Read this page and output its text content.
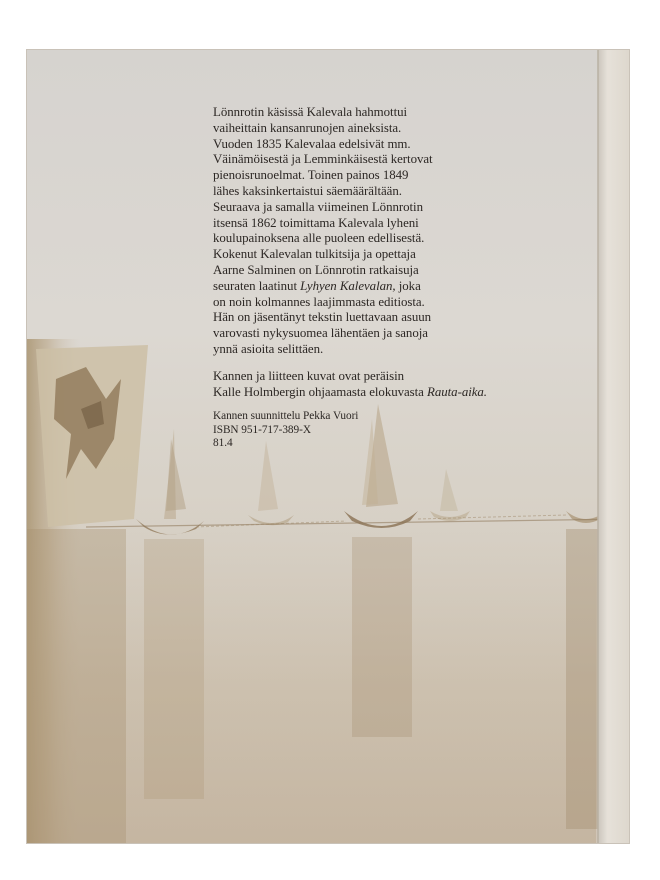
Lönnrotin käsissä Kalevala hahmottui
vaiheittain kansanrunojen aineksista.
Vuoden 1835 Kalevalaa edelsivät mm.
Väinämöisestä ja Lemminkäisestä kertovat
pienoisrunoelmat. Toinen painos 1849
lähes kaksinkertaistui säemäärältään.
Seuraava ja samalla viimeinen Lönnrotin
itsensä 1862 toimittama Kalevala lyheni
koulupainoksena alle puoleen edellisestä.
Kokenut Kalevalan tulkitsija ja opettaja
Aarne Salminen on Lönnrotin ratkaisuja
seuraten laatinut Lyhyen Kalevalan, joka
on noin kolmannes laajimmasta editiosta.
Hän on jäsentänyt tekstin luettavaan asuun
varovasti nykysuomea lähentäen ja sanoja
ynnä asioita selittäen.
Kannen ja liitteen kuvat ovat peräisin
Kalle Holmbergin ohjaamasta elokuvasta Rauta-aika.
Kannen suunnittelu Pekka Vuori
ISBN 951-717-389-X
81.4
